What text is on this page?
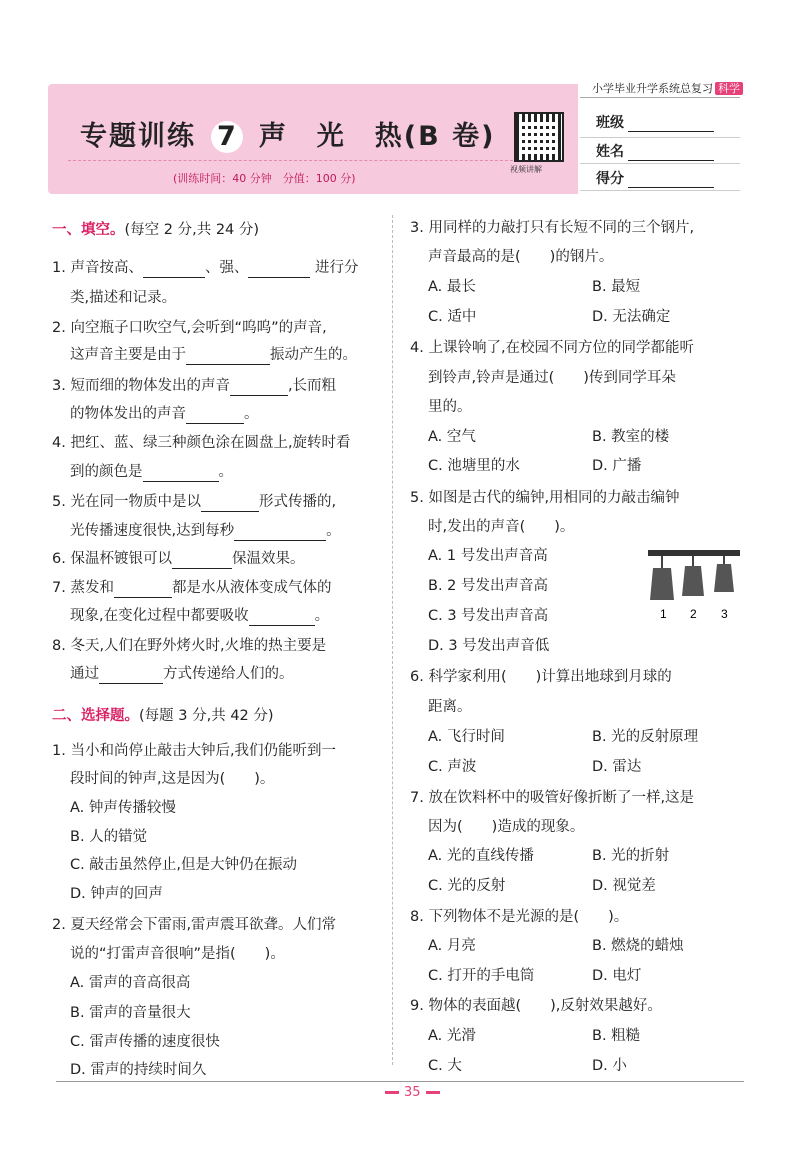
专题训练 7 声　光　热(B 卷)
(训练时间：40 分钟　分值：100 分)
视频讲解
小学毕业升学系统总复习 科学
班级
姓名
得分
一、填空。(每空 2 分,共 24 分)
1. 声音按高、	、强、	进行分
类,描述和记录。
2. 向空瓶子口吹空气,会听到“呜呜”的声音,
这声音主要是由于	振动产生的。
3. 短而细的物体发出的声音	,长而粗
的物体发出的声音	。
4. 把红、蓝、绿三种颜色涂在圆盘上,旋转时看
到的颜色是	。
5. 光在同一物质中是以	形式传播的,
光传播速度很快,达到每秒	。
6. 保温杯镀银可以	保温效果。
7. 蒸发和	都是水从液体变成气体的
现象,在变化过程中都要吸收	。
8. 冬天,人们在野外烤火时,火堆的热主要是
通过	方式传递给人们的。
二、选择题。(每题 3 分,共 42 分)
1. 当小和尚停止敲击大钟后,我们仍能听到一
段时间的钟声,这是因为(　　)。
A. 钟声传播较慢
B. 人的错觉
C. 敲击虽然停止,但是大钟仍在振动
D. 钟声的回声
2. 夏天经常会下雷雨,雷声震耳欲聋。人们常
说的“打雷声音很响”是指(　　)。
A. 雷声的音高很高
B. 雷声的音量很大
C. 雷声传播的速度很快
D. 雷声的持续时间久
3. 用同样的力敲打只有长短不同的三个钢片,
声音最高的是(　　)的钢片。
A. 最长	B. 最短
C. 适中	D. 无法确定
4. 上课铃响了,在校园不同方位的同学都能听
到铃声,铃声是通过(　　)传到同学耳朵
里的。
A. 空气	B. 教室的楼
C. 池塘里的水	D. 广播
5. 如图是古代的编钟,用相同的力敲击编钟
时,发出的声音(　　)。
A. 1 号发出声音高
B. 2 号发出声音高
C. 3 号发出声音高
D. 3 号发出声音低
1 2 3
6. 科学家利用(　　)计算出地球到月球的
距离。
A. 飞行时间	B. 光的反射原理
C. 声波	D. 雷达
7. 放在饮料杯中的吸管好像折断了一样,这是
因为(　　)造成的现象。
A. 光的直线传播	B. 光的折射
C. 光的反射	D. 视觉差
8. 下列物体不是光源的是(　　)。
A. 月亮	B. 燃烧的蜡烛
C. 打开的手电筒	D. 电灯
9. 物体的表面越(　　),反射效果越好。
A. 光滑	B. 粗糙
C. 大	D. 小
35
